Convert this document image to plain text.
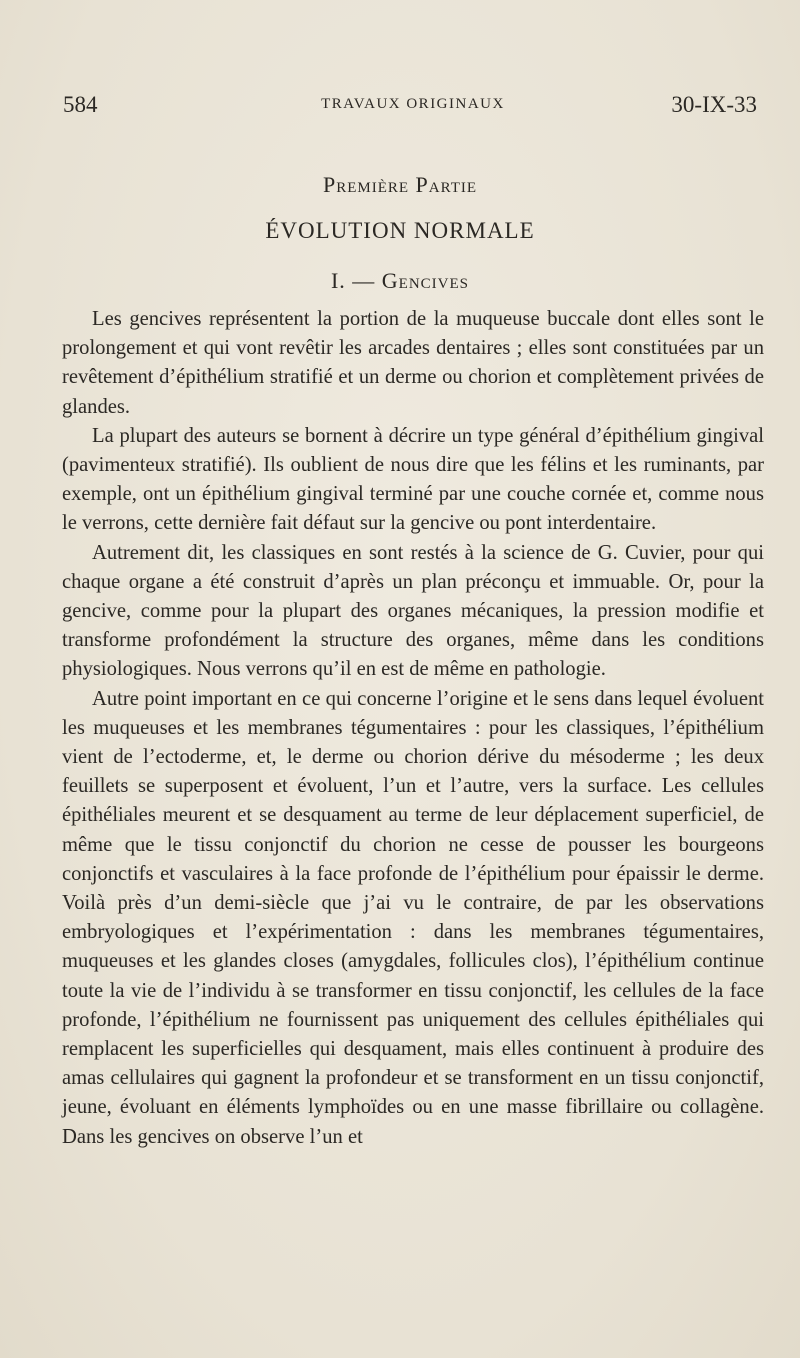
584	TRAVAUX ORIGINAUX	30-IX-33
Première Partie
ÉVOLUTION NORMALE
I. — Gencives

Les gencives représentent la portion de la muqueuse buccale dont elles sont le prolongement et qui vont revêtir les arcades dentaires ; elles sont constituées par un revêtement d’épithélium stratifié et un derme ou chorion et complètement privées de glandes.

La plupart des auteurs se bornent à décrire un type général d’épithélium gingival (pavimenteux stratifié). Ils oublient de nous dire que les félins et les ruminants, par exemple, ont un épithélium gingival terminé par une couche cornée et, comme nous le verrons, cette dernière fait défaut sur la gencive ou pont interdentaire.

Autrement dit, les classiques en sont restés à la science de G. Cuvier, pour qui chaque organe a été construit d’après un plan préconçu et immuable. Or, pour la gencive, comme pour la plupart des organes mécaniques, la pression modifie et transforme profondément la structure des organes, même dans les conditions physiologiques. Nous verrons qu’il en est de même en pathologie.

Autre point important en ce qui concerne l’origine et le sens dans lequel évoluent les muqueuses et les membranes tégumentaires : pour les classiques, l’épithélium vient de l’ectoderme, et, le derme ou chorion dérive du mésoderme ; les deux feuillets se superposent et évoluent, l’un et l’autre, vers la surface. Les cellules épithéliales meurent et se desquament au terme de leur déplacement superficiel, de même que le tissu conjonctif du chorion ne cesse de pousser les bourgeons conjonctifs et vasculaires à la face profonde de l’épithélium pour épaissir le derme. Voilà près d’un demi-siècle que j’ai vu le contraire, de par les observations embryologiques et l’expérimentation : dans les membranes tégumentaires, muqueuses et les glandes closes (amygdales, follicules clos), l’épithélium continue toute la vie de l’individu à se transformer en tissu conjonctif, les cellules de la face profonde, l’épithélium ne fournissent pas uniquement des cellules épithéliales qui remplacent les superficielles qui desquament, mais elles continuent à produire des amas cellulaires qui gagnent la profondeur et se transforment en un tissu conjonctif, jeune, évoluant en éléments lymphoïdes ou en une masse fibrillaire ou collagène. Dans les gencives on observe l’un et
